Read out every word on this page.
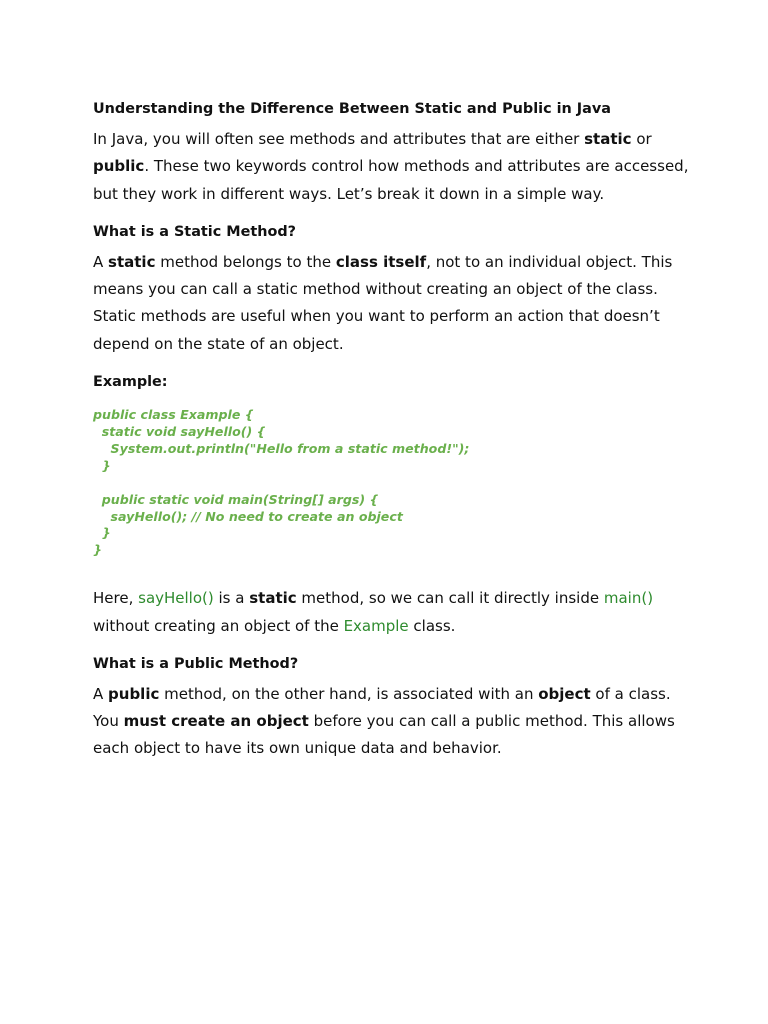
Understanding the Difference Between Static and Public in Java

In Java, you will often see methods and attributes that are either static or public. These two keywords control how methods and attributes are accessed, but they work in different ways. Let’s break it down in a simple way.

What is a Static Method?

A static method belongs to the class itself, not to an individual object. This means you can call a static method without creating an object of the class. Static methods are useful when you want to perform an action that doesn’t depend on the state of an object.

Example:
public class Example {
static void sayHello() {
System.out.println("Hello from a static method!");
}

public static void main(String[] args) {
sayHello(); // No need to create an object
}
}

Here, sayHello() is a static method, so we can call it directly inside main() without creating an object of the Example class.

What is a Public Method?

A public method, on the other hand, is associated with an object of a class. You must create an object before you can call a public method. This allows each object to have its own unique data and behavior.
